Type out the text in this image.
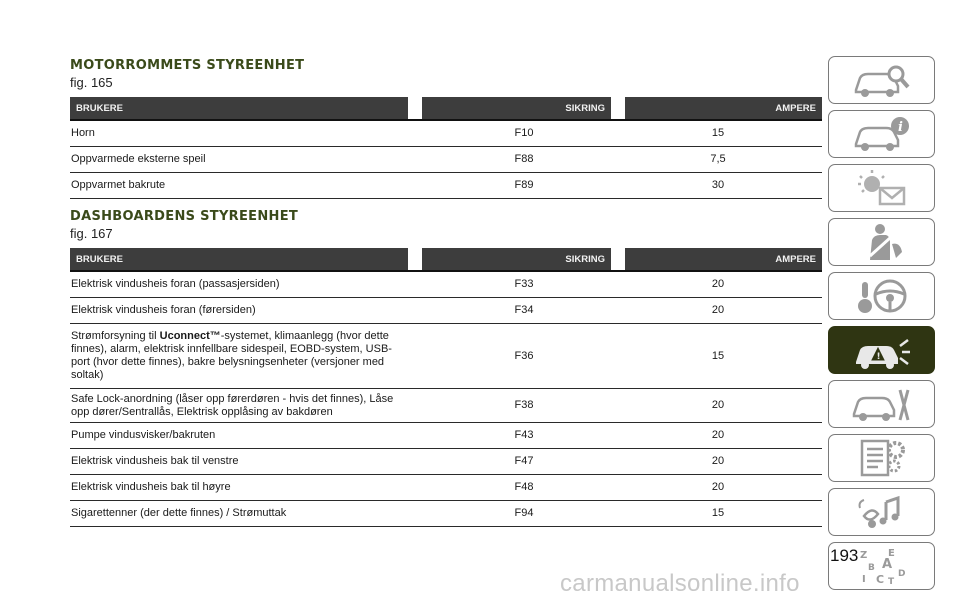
MOTORROMMETS STYREENHET
fig. 165
BRUKERE		SIKRING		AMPERE
Horn		F10		15
Oppvarmede eksterne speil		F88		7,5
Oppvarmet bakrute		F89		30
DASHBOARDENS STYREENHET
fig. 167
BRUKERE		SIKRING		AMPERE
Elektrisk vindusheis foran (passasjersiden)		F33		20
Elektrisk vindusheis foran (førersiden)		F34		20

Strømforsyning til Uconnect™-systemet, klimaanlegg (hvor dette finnes), alarm, elektrisk innfellbare sidespeil, EOBD-system, USB-port (hvor dette finnes), bakre belysningsenheter (versjoner med soltak)		F36		15

Safe Lock-anordning (låser opp førerdøren - hvis det finnes), Låse opp dører/Sentrallås, Elektrisk opplåsing av bakdøren		F38		20
Pumpe vindusvisker/bakruten		F43		20
Elektrisk vindusheis bak til venstre		F47		20
Elektrisk vindusheis bak til høyre		F48		20
Sigarettenner (der dette finnes) / Strømuttak		F94		15
i
!
Z E
B A
C D
I T
193
carmanualsonline.info
